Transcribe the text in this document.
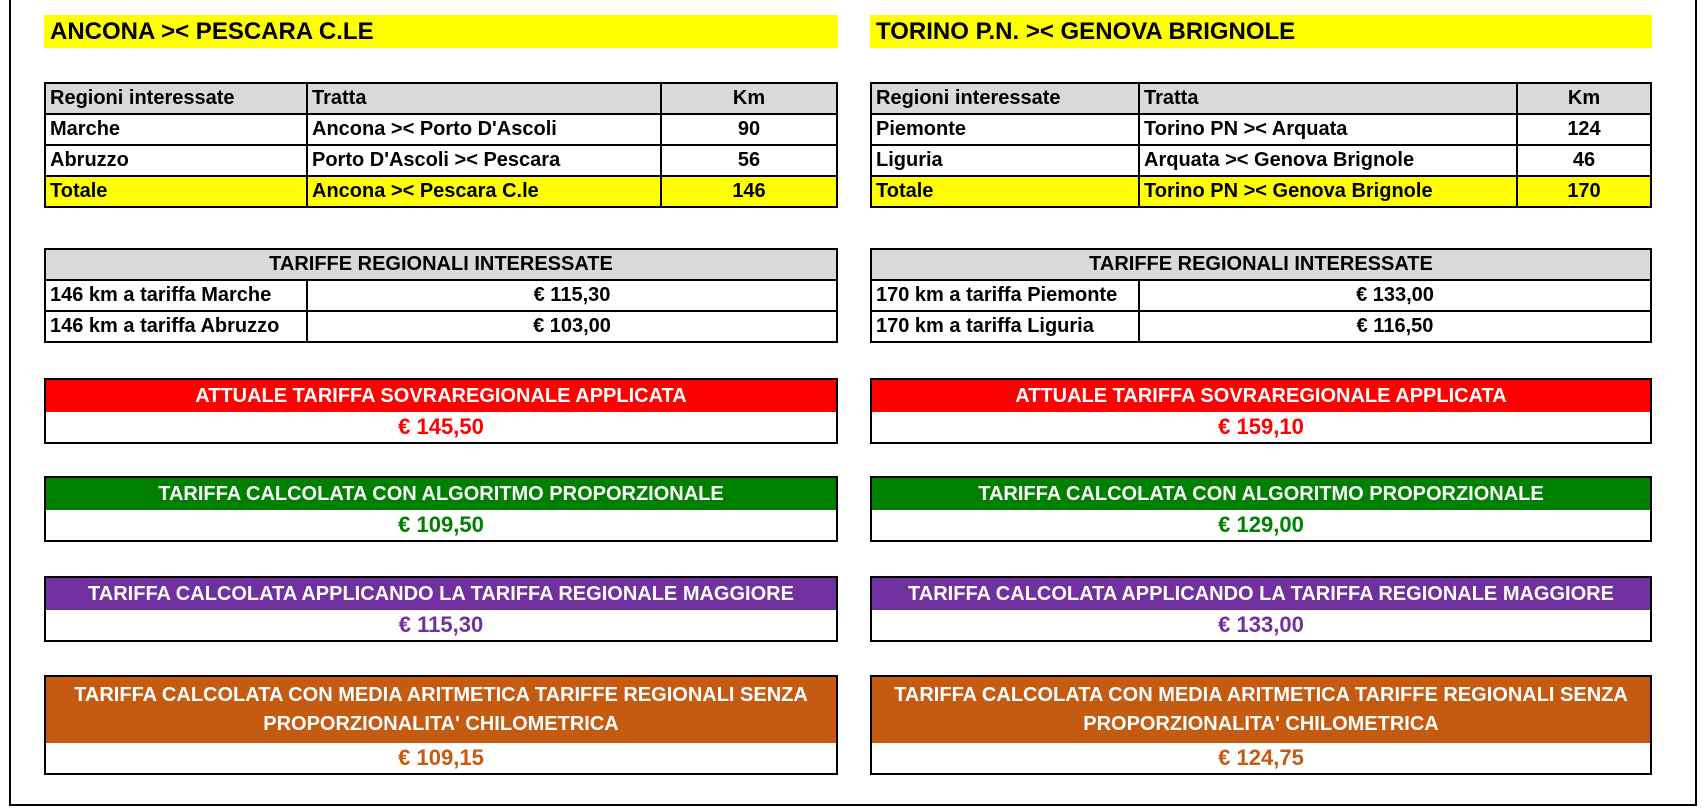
ANCONA >< PESCARA C.LE
Regioni interessate	Tratta	Km
Marche	Ancona >< Porto D'Ascoli	90
Abruzzo	Porto D'Ascoli >< Pescara	56
Totale	Ancona >< Pescara C.le	146
TARIFFE REGIONALI INTERESSATE	
146 km a tariffa Marche	€ 115,30
146 km a tariffa Abruzzo	€ 103,00
ATTUALE TARIFFA SOVRAREGIONALE APPLICATA
€ 145,50
TARIFFA CALCOLATA CON ALGORITMO PROPORZIONALE
€ 109,50
TARIFFA CALCOLATA APPLICANDO LA TARIFFA REGIONALE MAGGIORE
€ 115,30
TARIFFA CALCOLATA CON MEDIA ARITMETICA TARIFFE REGIONALI SENZA PROPORZIONALITA' CHILOMETRICA
€ 109,15
TORINO P.N. >< GENOVA BRIGNOLE
Regioni interessate	Tratta	Km
Piemonte	Torino PN >< Arquata	124
Liguria	Arquata >< Genova Brignole	46
Totale	Torino PN >< Genova Brignole	170
TARIFFE REGIONALI INTERESSATE	
170 km a tariffa Piemonte	€ 133,00
170 km a tariffa Liguria	€ 116,50
ATTUALE TARIFFA SOVRAREGIONALE APPLICATA
€ 159,10
TARIFFA CALCOLATA CON ALGORITMO PROPORZIONALE
€ 129,00
TARIFFA CALCOLATA APPLICANDO LA TARIFFA REGIONALE MAGGIORE
€ 133,00
TARIFFA CALCOLATA CON MEDIA ARITMETICA TARIFFE REGIONALI SENZA PROPORZIONALITA' CHILOMETRICA
€ 124,75
